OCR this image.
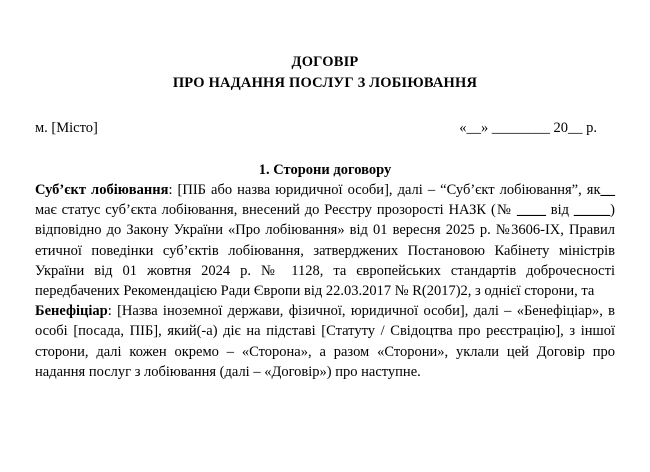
ДОГОВІР
ПРО НАДАННЯ ПОСЛУГ З ЛОБІЮВАННЯ
м. [Місто]	«__» ________ 20__ р.
1. Сторони договору

Суб’єкт лобіювання: [ПІБ або назва юридичної особи], далі – “Суб’єкт лобіювання”, як__ має статус суб’єкта лобіювання, внесений до Реєстру прозорості НАЗК (№ ____ від _____) відповідно до Закону України «Про лобіювання» від 01 вересня 2025 р. №3606-IX, Правил етичної поведінки суб’єктів лобіювання, затверджених Постановою Кабінету міністрів України від 01 жовтня 2024 р. № 1128, та європейських стандартів доброчесності передбачених Рекомендацією Ради Європи від 22.03.2017 № R(2017)2, з однієї сторони, та

Бенефіціар: [Назва іноземної держави, фізичної, юридичної особи], далі – «Бенефіціар», в особі [посада, ПІБ], який(-а) діє на підставі [Статуту / Свідоцтва про реєстрацію], з іншої сторони, далі кожен окремо – «Сторона», а разом «Сторони», уклали цей Договір про надання послуг з лобіювання (далі – «Договір») про наступне.
